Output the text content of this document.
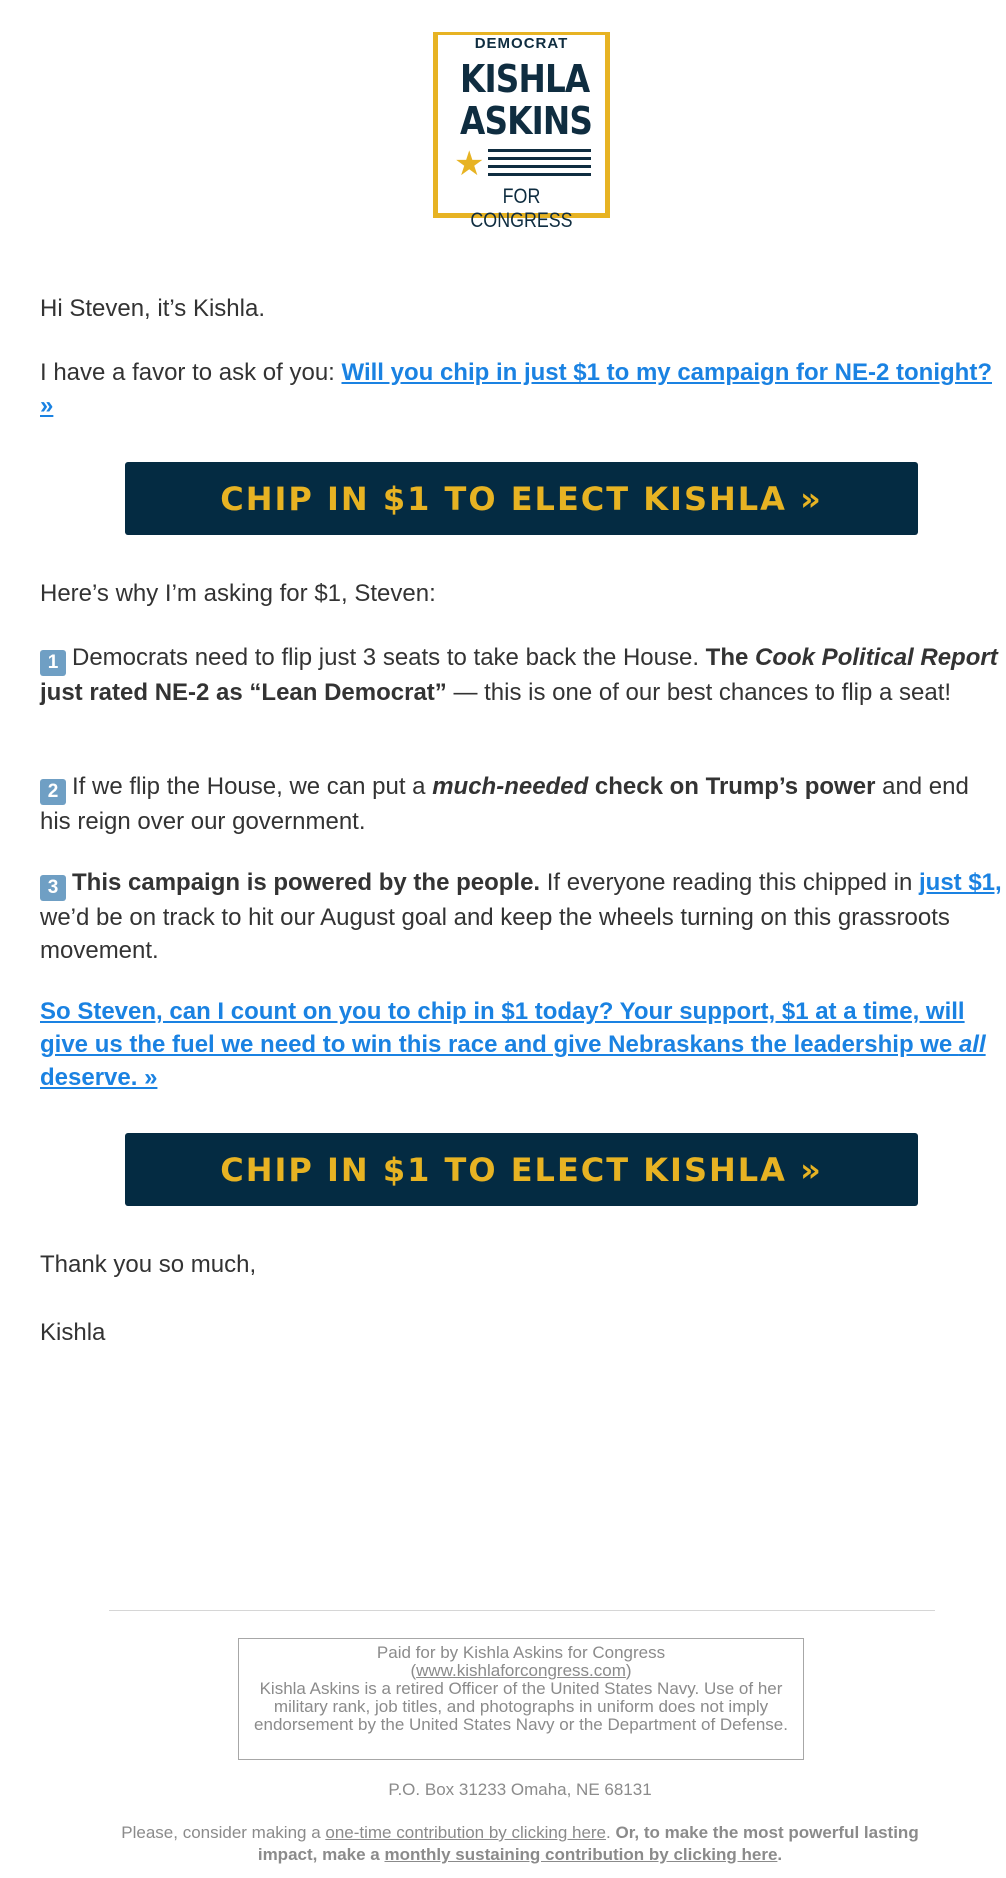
DEMOCRAT
KISHLA
ASKINS
★
FOR CONGRESS

Hi Steven, it’s Kishla.

I have a favor to ask of you: Will you chip in just $1 to my campaign for NE-2 tonight? »

CHIP IN $1 TO ELECT KISHLA »

Here’s why I’m asking for $1, Steven:

1 Democrats need to flip just 3 seats to take back the House. The Cook Political Report just rated NE-2 as “Lean Democrat” — this is one of our best chances to flip a seat!

2 If we flip the House, we can put a much-needed check on Trump’s power and end his reign over our government.

3 This campaign is powered by the people. If everyone reading this chipped in just $1, we’d be on track to hit our August goal and keep the wheels turning on this grassroots movement.

So Steven, can I count on you to chip in $1 today? Your support, $1 at a time, will give us the fuel we need to win this race and give Nebraskans the leadership we all deserve. »

CHIP IN $1 TO ELECT KISHLA »

Thank you so much,

Kishla

Paid for by Kishla Askins for Congress
(www.kishlaforcongress.com)
Kishla Askins is a retired Officer of the United States Navy. Use of her military rank, job titles, and photographs in uniform does not imply endorsement by the United States Navy or the Department of Defense.
P.O. Box 31233 Omaha, NE 68131
Please, consider making a one-time contribution by clicking here. Or, to make the most powerful lasting impact, make a monthly sustaining contribution by clicking here.
